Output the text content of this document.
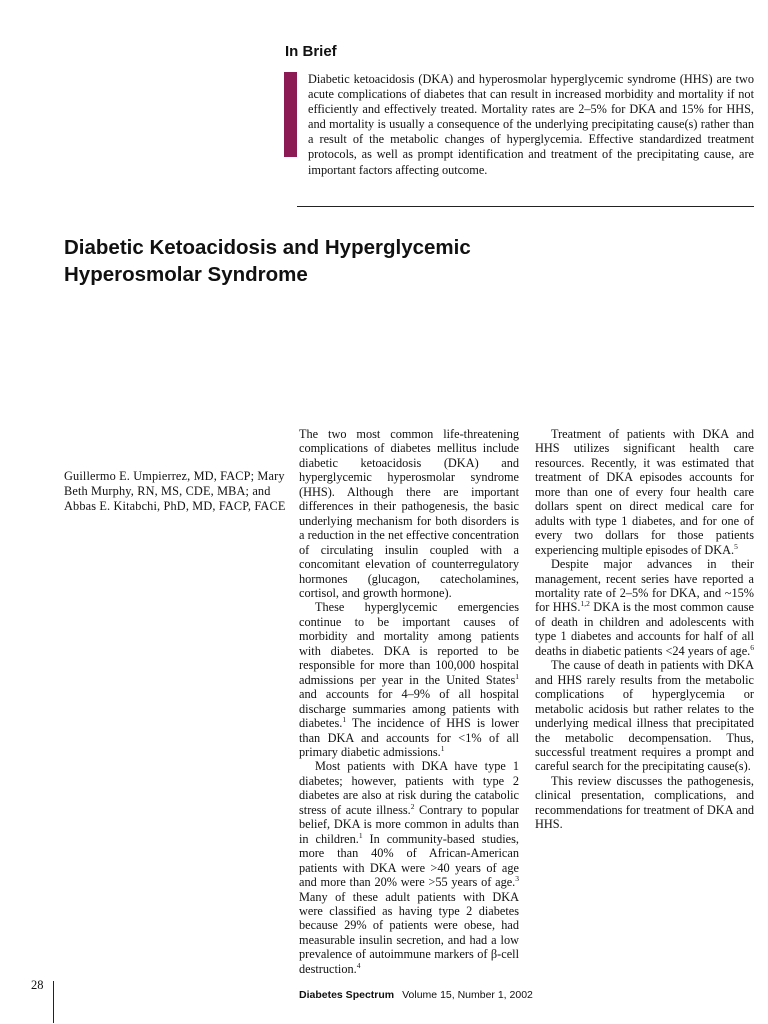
In Brief

Diabetic ketoacidosis (DKA) and hyperosmolar hyperglycemic syndrome (HHS) are two acute complications of diabetes that can result in increased morbidity and mortality if not efficiently and effectively treated. Mortality rates are 2–5% for DKA and 15% for HHS, and mortality is usually a consequence of the underlying precipitating cause(s) rather than a result of the metabolic changes of hyperglycemia. Effective standardized treatment protocols, as well as prompt identification and treatment of the precipitating cause, are important factors affecting outcome.

Diabetic Ketoacidosis and Hyperglycemic
Hyperosmolar Syndrome

Guillermo E. Umpierrez, MD, FACP; Mary Beth Murphy, RN, MS, CDE, MBA; and Abbas E. Kitabchi, PhD, MD, FACP, FACE

The two most common life-threatening complications of diabetes mellitus include diabetic ketoacidosis (DKA) and hyperglycemic hyperosmolar syndrome (HHS). Although there are important differences in their pathogenesis, the basic underlying mechanism for both disorders is a reduction in the net effective concentration of circulating insulin coupled with a concomitant elevation of counterregulatory hormones (glucagon, catecholamines, cortisol, and growth hormone).

These hyperglycemic emergencies continue to be important causes of morbidity and mortality among patients with diabetes. DKA is reported to be responsible for more than 100,000 hospital admissions per year in the United States$^1$ and accounts for 4–9% of all hospital discharge summaries among patients with diabetes.$^1$ The incidence of HHS is lower than DKA and accounts for <1% of all primary diabetic admissions.$^1$

Most patients with DKA have type 1 diabetes; however, patients with type 2 diabetes are also at risk during the catabolic stress of acute illness.$^2$ Contrary to popular belief, DKA is more common in adults than in children.$^1$ In community-based studies, more than 40% of African-American patients with DKA were >40 years of age and more than 20% were >55 years of age.$^3$ Many of these adult patients with DKA were classified as having type 2 diabetes because 29% of patients were obese, had measurable insulin secretion, and had a low prevalence of autoimmune markers of β-cell destruction.$^4$

Treatment of patients with DKA and HHS utilizes significant health care resources. Recently, it was estimated that treatment of DKA episodes accounts for more than one of every four health care dollars spent on direct medical care for adults with type 1 diabetes, and for one of every two dollars for those patients experiencing multiple episodes of DKA.$^5$

Despite major advances in their management, recent series have reported a mortality rate of 2–5% for DKA, and ~15% for HHS.$^{1,2}$ DKA is the most common cause of death in children and adolescents with type 1 diabetes and accounts for half of all deaths in diabetic patients <24 years of age.$^6$

The cause of death in patients with DKA and HHS rarely results from the metabolic complications of hyperglycemia or metabolic acidosis but rather relates to the underlying medical illness that precipitated the metabolic decompensation. Thus, successful treatment requires a prompt and careful search for the precipitating cause(s).

This review discusses the pathogenesis, clinical presentation, complications, and recommendations for treatment of DKA and HHS.

28

Diabetes Spectrum Volume 15, Number 1, 2002
